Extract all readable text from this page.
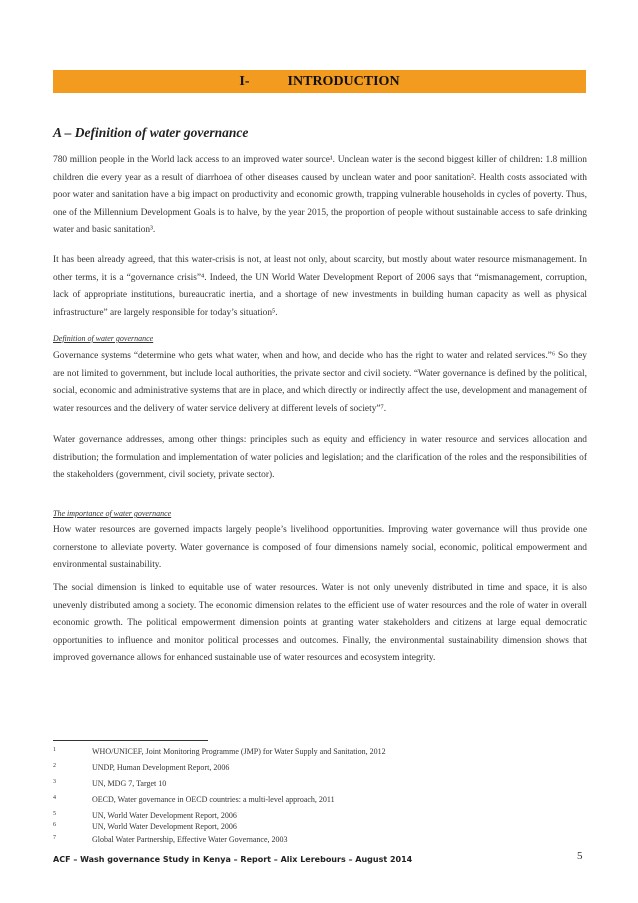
I-	INTRODUCTION
A – Definition of water governance

780 million people in the World lack access to an improved water source¹. Unclean water is the second biggest killer of children: 1.8 million children die every year as a result of diarrhoea of other diseases caused by unclean water and poor sanitation². Health costs associated with poor water and sanitation have a big impact on productivity and economic growth, trapping vulnerable households in cycles of poverty. Thus, one of the Millennium Development Goals is to halve, by the year 2015, the proportion of people without sustainable access to safe drinking water and basic sanitation³.

It has been already agreed, that this water-crisis is not, at least not only, about scarcity, but mostly about water resource mismanagement. In other terms, it is a “governance crisis”⁴. Indeed, the UN World Water Development Report of 2006 says that “mismanagement, corruption, lack of appropriate institutions, bureaucratic inertia, and a shortage of new investments in building human capacity as well as physical infrastructure” are largely responsible for today’s situation⁵.

Definition of water governance

Governance systems “determine who gets what water, when and how, and decide who has the right to water and related services.”⁶ So they are not limited to government, but include local authorities, the private sector and civil society. “Water governance is defined by the political, social, economic and administrative systems that are in place, and which directly or indirectly affect the use, development and management of water resources and the delivery of water service delivery at different levels of society”⁷.

Water governance addresses, among other things: principles such as equity and efficiency in water resource and services allocation and distribution; the formulation and implementation of water policies and legislation; and the clarification of the roles and the responsibilities of the stakeholders (government, civil society, private sector).

The importance of water governance

How water resources are governed impacts largely people’s livelihood opportunities. Improving water governance will thus provide one cornerstone to alleviate poverty. Water governance is composed of four dimensions namely social, economic, political empowerment and environmental sustainability.

The social dimension is linked to equitable use of water resources. Water is not only unevenly distributed in time and space, it is also unevenly distributed among a society. The economic dimension relates to the efficient use of water resources and the role of water in overall economic growth. The political empowerment dimension points at granting water stakeholders and citizens at large equal democratic opportunities to influence and monitor political processes and outcomes. Finally, the environmental sustainability dimension shows that improved governance allows for enhanced sustainable use of water resources and ecosystem integrity.

1	WHO/UNICEF, Joint Monitoring Programme (JMP) for Water Supply and Sanitation, 2012

2	UNDP, Human Development Report, 2006

3	UN, MDG 7, Target 10

4	OECD, Water governance in OECD countries: a multi-level approach, 2011

5	UN, World Water Development Report, 2006

6	UN, World Water Development Report, 2006

7	Global Water Partnership, Effective Water Governance, 2003

ACF – Wash governance Study in Kenya – Report – Alix Lerebours – August 2014	5
